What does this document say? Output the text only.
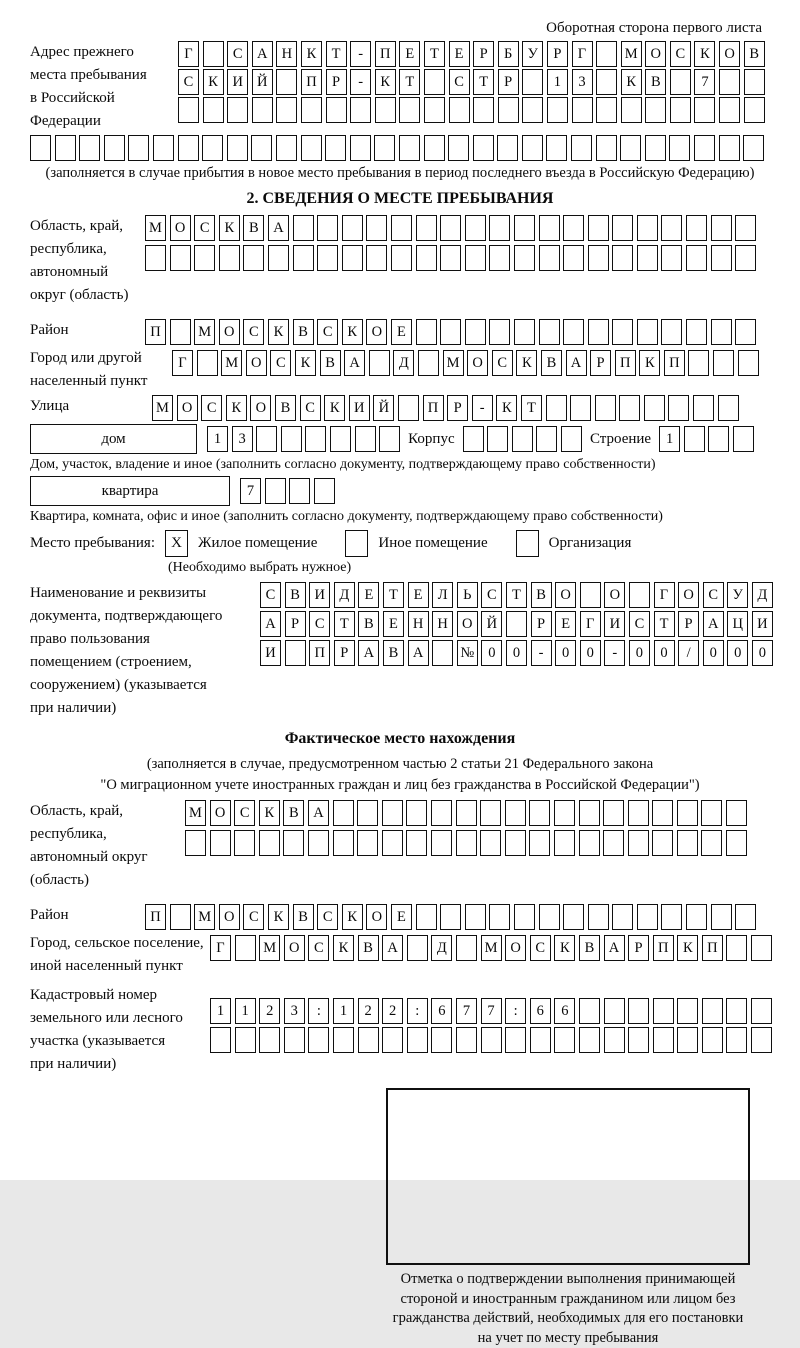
Оборотная сторона первого листа
Адрес прежнего
места пребывания
в Российской
Федерации
Г	С	А Н	К	Т	-	П	Е	Т	Е	Р	Б	У	Р	Г	М О	С	К	О	В
С	К	И Й	П	Р	-	К	Т	С	Т	Р	1	3	К	В	7
(заполняется в случае прибытия в новое место пребывания в период последнего въезда в Российскую Федерацию)
2. СВЕДЕНИЯ О МЕСТЕ ПРЕБЫВАНИЯ
Область, край,
республика,
автономный
округ (область)
М О	С	К	В	А
Район	П	М О	С	К	В	С	К	О	Е
Город или другой
населенный пункт
Г	М О	С	К	В	А	Д	М О	С	К	В	А	Р	П	К	П
Улица	М О	С	К	О	В	С	К	И Й	П	Р	-	К	Т
дом	1	3	Корпус	Строение	1
Дом, участок, владение и иное (заполнить согласно документу, подтверждающему право собственности)
квартира	7
Квартира, комната, офис и иное (заполнить согласно документу, подтверждающему право собственности)
Место пребывания:	X	Жилое помещение	Иное помещение	Организация
(Необходимо выбрать нужное)
Наименование и реквизиты
документа, подтверждающего
право пользования
помещением (строением,
сооружением) (указывается
при наличии)
С	В	И Д	Е	Т	Е	Л	Ь	С	Т	В	О	О	Г	О	С	У	Д
А	Р	С	Т	В	Е	Н Н О Й	Р	Е	Г	И	С	Т	Р	А Ц И
И	П	Р	А	В	А	№ 0	0	-	0	0	-	0	0	/	0	0	0
Фактическое место нахождения
(заполняется в случае, предусмотренном частью 2 статьи 21 Федерального закона
"О миграционном учете иностранных граждан и лиц без гражданства в Российской Федерации")
Область, край,
республика,
автономный округ
(область)
М О	С	К	В	А
Район	П	М О	С	К	В	С	К	О	Е
Город, сельское поселение,
иной населенный пункт
Г	М О	С	К	В	А	Д	М О	С	К	В	А	Р	П	К	П
Кадастровый номер
земельного или лесного
участка (указывается
при наличии)
1	1	2	3	:	1	2	2	:	6	7	7	:	6	6
Отметка о подтверждении выполнения принимающей
стороной и иностранным гражданином или лицом без
гражданства действий, необходимых для его постановки
на учет по месту пребывания
